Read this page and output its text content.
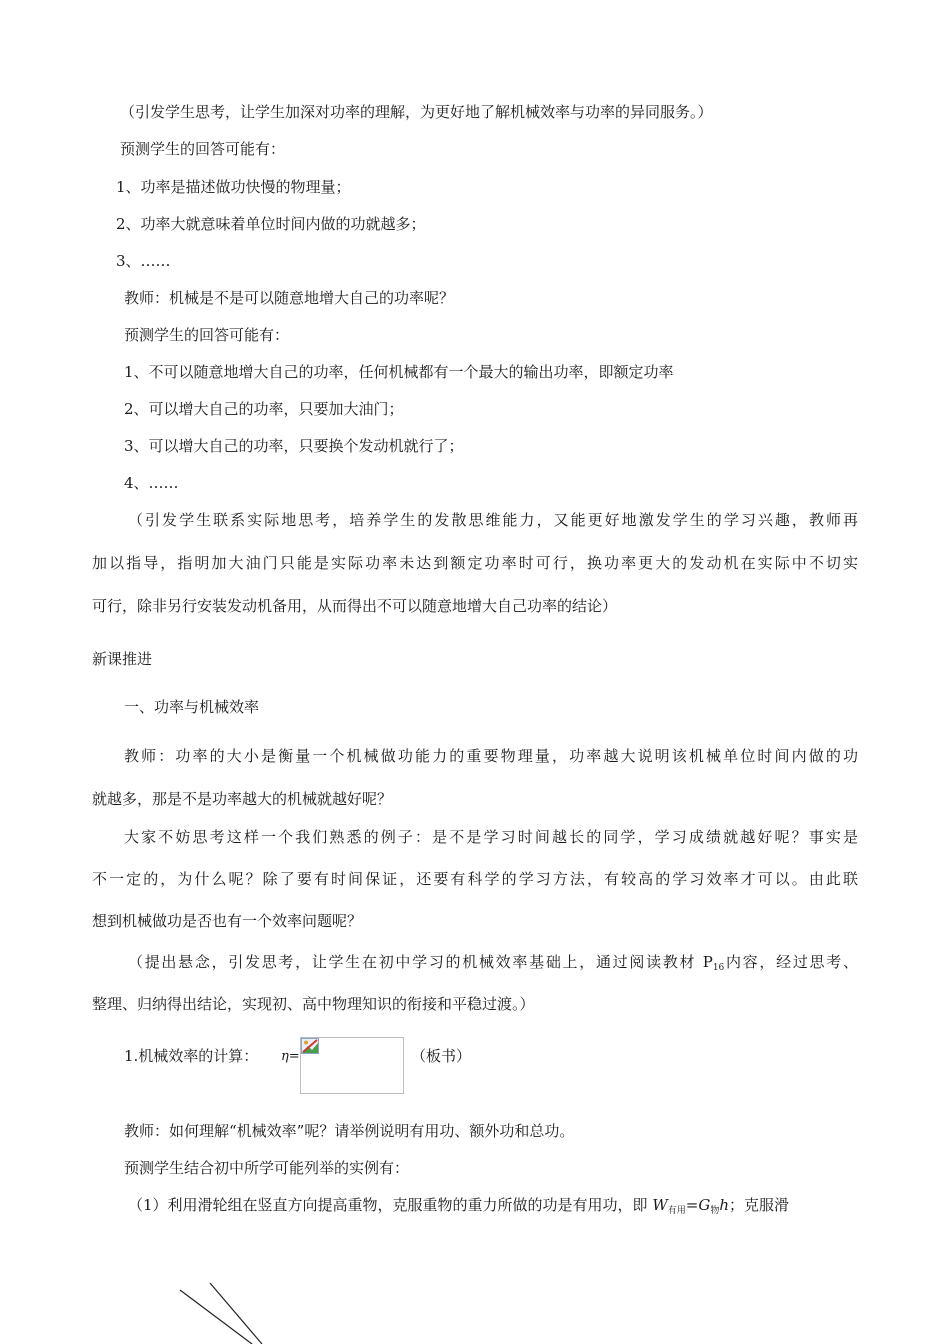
（引发学生思考，让学生加深对功率的理解，为更好地了解机械效率与功率的异同服务。）
预测学生的回答可能有：
1、功率是描述做功快慢的物理量；
2、功率大就意味着单位时间内做的功就越多；
3、……
教师：机械是不是可以随意地增大自己的功率呢？
预测学生的回答可能有：
1、不可以随意地增大自己的功率，任何机械都有一个最大的输出功率，即额定功率
2、可以增大自己的功率，只要加大油门；
3、可以增大自己的功率，只要换个发动机就行了；
4、……
（引发学生联系实际地思考，培养学生的发散思维能力，又能更好地激发学生的学习兴趣，教师再
加以指导，指明加大油门只能是实际功率未达到额定功率时可行，换功率更大的发动机在实际中不切实
可行，除非另行安装发动机备用，从而得出不可以随意地增大自己功率的结论）
新课推进
一、功率与机械效率
教师：功率的大小是衡量一个机械做功能力的重要物理量，功率越大说明该机械单位时间内做的功
就越多，那是不是功率越大的机械就越好呢？
大家不妨思考这样一个我们熟悉的例子：是不是学习时间越长的同学，学习成绩就越好呢？事实是
不一定的，为什么呢？除了要有时间保证，还要有科学的学习方法，有较高的学习效率才可以。由此联
想到机械做功是否也有一个效率问题呢？
（提出悬念，引发思考，让学生在初中学习的机械效率基础上，通过阅读教材 $P_{16}$内容，经过思考、
整理、归纳得出结论，实现初、高中物理知识的衔接和平稳过渡。）
1.机械效率的计算： η=	（板书）
教师：如何理解“机械效率”呢？请举例说明有用功、额外功和总功。
预测学生结合初中所学可能列举的实例有：
（1）利用滑轮组在竖直方向提高重物，克服重物的重力所做的功是有用功，即 $W_{有用}=G_物h$；克服滑
